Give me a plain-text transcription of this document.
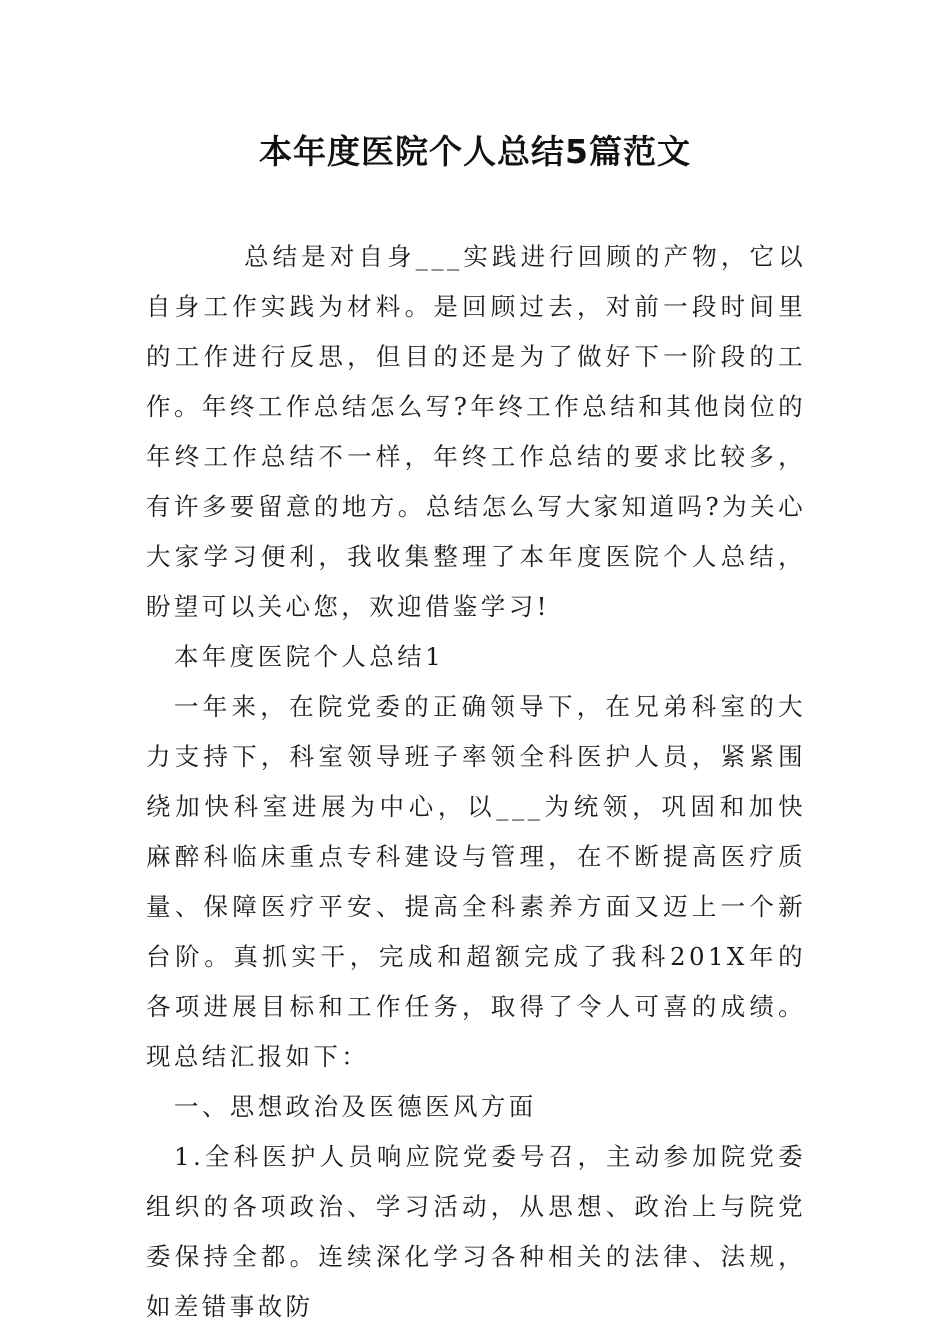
本年度医院个人总结5篇范文

总结是对自身___实践进行回顾的产物，它以自身工作实践为材料。是回顾过去，对前一段时间里的工作进行反思，但目的还是为了做好下一阶段的工作。年终工作总结怎么写?年终工作总结和其他岗位的年终工作总结不一样，年终工作总结的要求比较多，有许多要留意的地方。总结怎么写大家知道吗?为关心大家学习便利，我收集整理了本年度医院个人总结，盼望可以关心您，欢迎借鉴学习!

本年度医院个人总结1

一年来，在院党委的正确领导下，在兄弟科室的大力支持下，科室领导班子率领全科医护人员，紧紧围绕加快科室进展为中心，以___为统领，巩固和加快麻醉科临床重点专科建设与管理，在不断提高医疗质量、保障医疗平安、提高全科素养方面又迈上一个新台阶。真抓实干，完成和超额完成了我科201X年的各项进展目标和工作任务，取得了令人可喜的成绩。现总结汇报如下：

一、思想政治及医德医风方面

1.全科医护人员响应院党委号召，主动参加院党委组织的各项政治、学习活动，从思想、政治上与院党委保持全都。连续深化学习各种相关的法律、法规，如差错事故防
